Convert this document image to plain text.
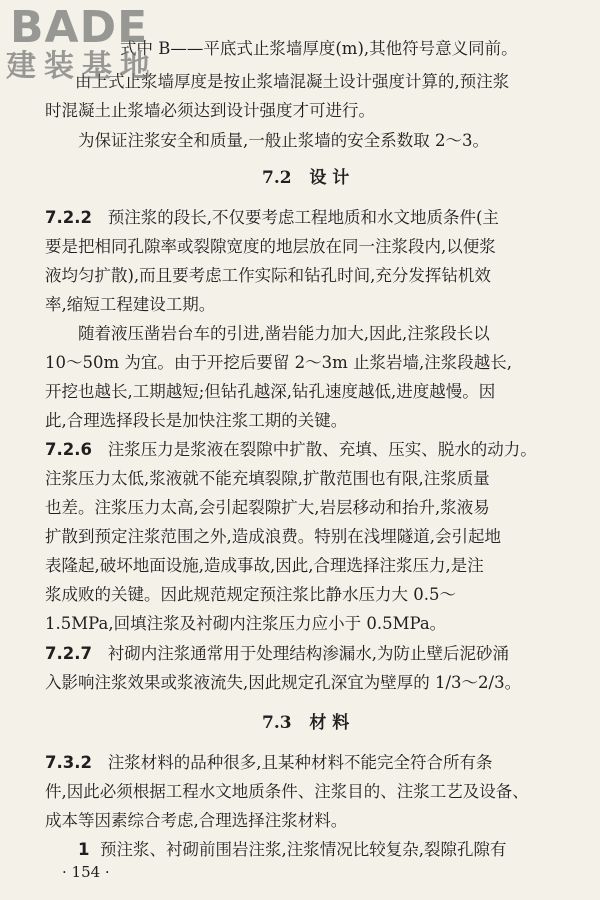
BADE
建装基地

式中 B——平底式止浆墙厚度(m),其他符号意义同前。

由上式止浆墙厚度是按止浆墙混凝土设计强度计算的,预注浆

时混凝土止浆墙必须达到设计强度才可进行。

为保证注浆安全和质量,一般止浆墙的安全系数取 2～3。

7.2 设 计

7.2.2 预注浆的段长,不仅要考虑工程地质和水文地质条件(主

要是把相同孔隙率或裂隙宽度的地层放在同一注浆段内,以便浆

液均匀扩散),而且要考虑工作实际和钻孔时间,充分发挥钻机效

率,缩短工程建设工期。

随着液压凿岩台车的引进,凿岩能力加大,因此,注浆段长以

10～50m 为宜。由于开挖后要留 2～3m 止浆岩墙,注浆段越长,

开挖也越长,工期越短;但钻孔越深,钻孔速度越低,进度越慢。因

此,合理选择段长是加快注浆工期的关键。

7.2.6 注浆压力是浆液在裂隙中扩散、充填、压实、脱水的动力。

注浆压力太低,浆液就不能充填裂隙,扩散范围也有限,注浆质量

也差。注浆压力太高,会引起裂隙扩大,岩层移动和抬升,浆液易

扩散到预定注浆范围之外,造成浪费。特别在浅埋隧道,会引起地

表隆起,破坏地面设施,造成事故,因此,合理选择注浆压力,是注

浆成败的关键。因此规范规定预注浆比静水压力大 0.5～

1.5MPa,回填注浆及衬砌内注浆压力应小于 0.5MPa。

7.2.7 衬砌内注浆通常用于处理结构渗漏水,为防止壁后泥砂涌

入影响注浆效果或浆液流失,因此规定孔深宜为壁厚的 1/3～2/3。

7.3 材 料

7.3.2 注浆材料的品种很多,且某种材料不能完全符合所有条

件,因此必须根据工程水文地质条件、注浆目的、注浆工艺及设备、

成本等因素综合考虑,合理选择注浆材料。

1 预注浆、衬砌前围岩注浆,注浆情况比较复杂,裂隙孔隙有

· 154 ·
